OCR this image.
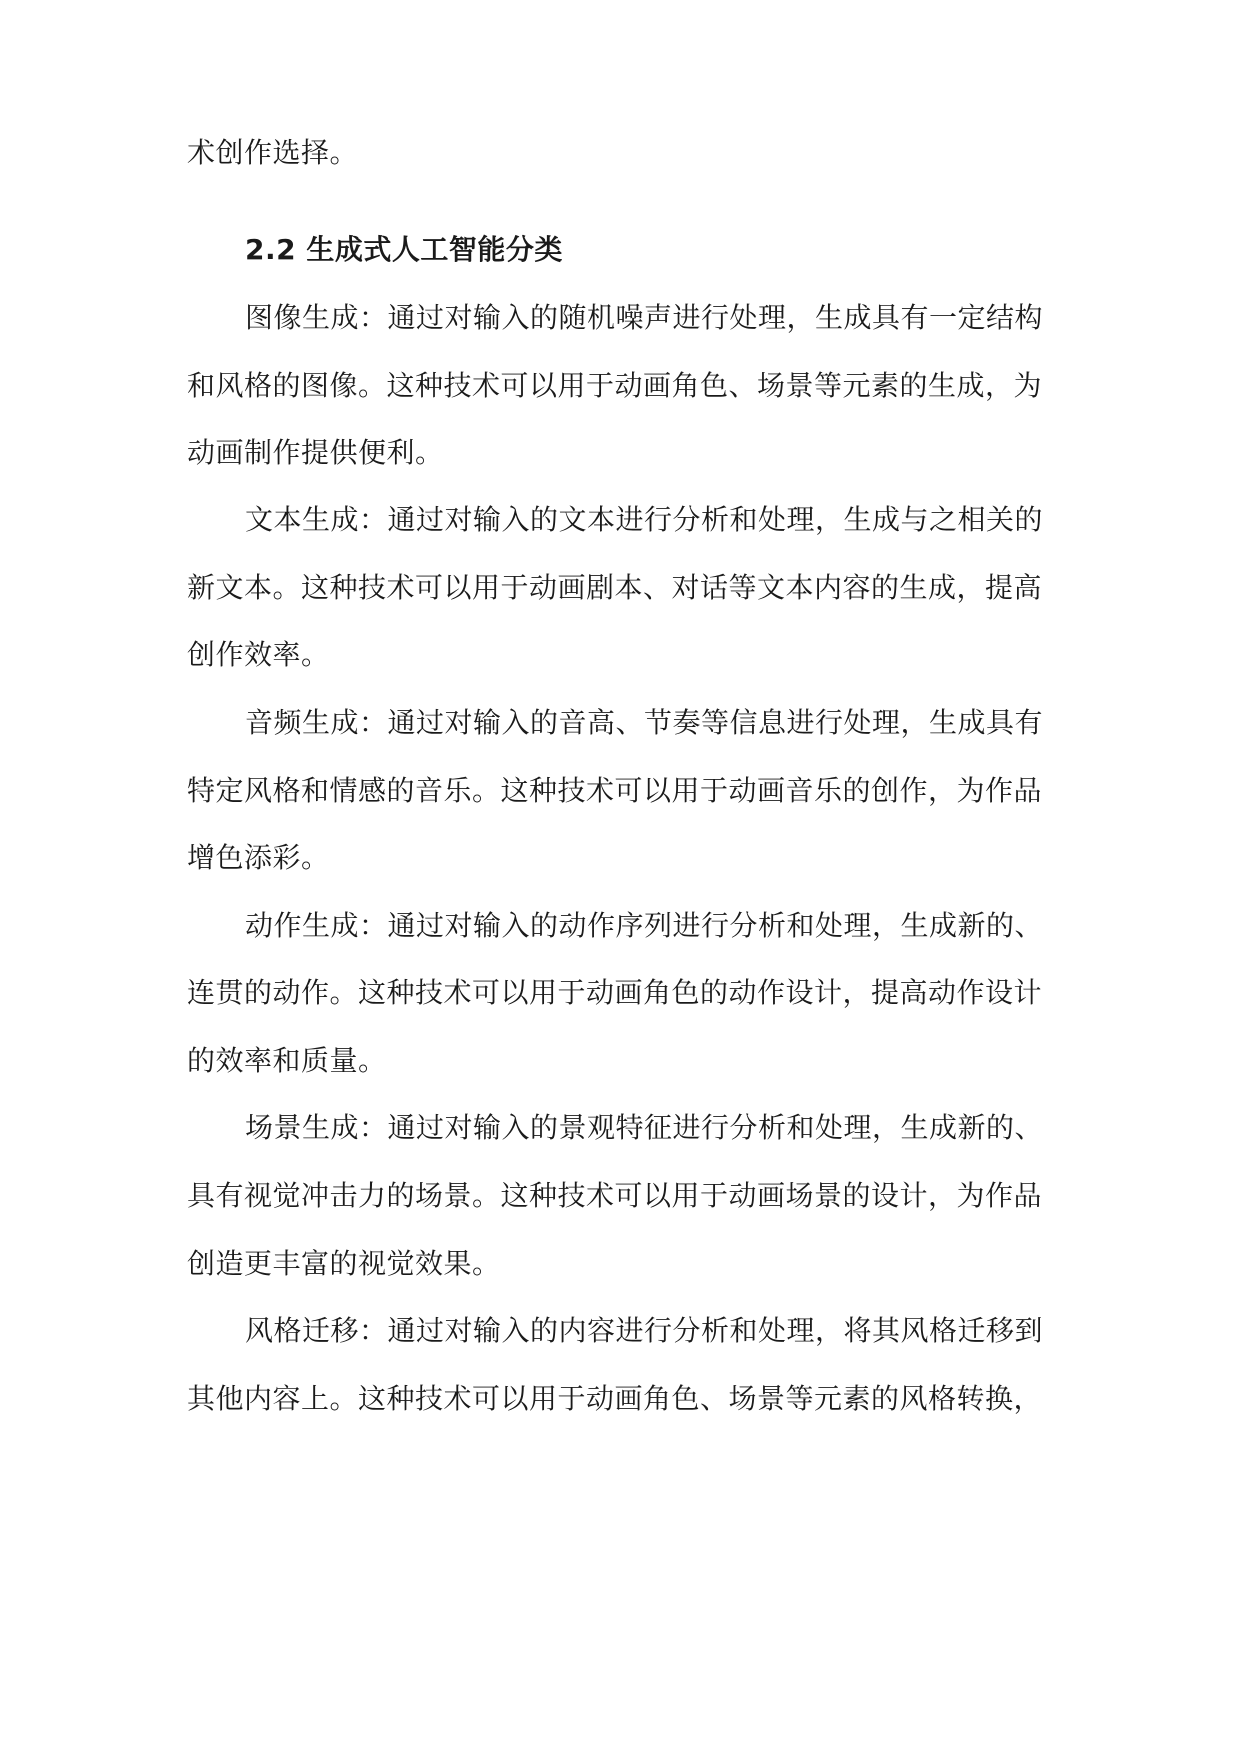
术创作选择。
2.2 生成式人工智能分类
图像生成：通过对输入的随机噪声进行处理，生成具有一定结构
和风格的图像。这种技术可以用于动画角色、场景等元素的生成，为
动画制作提供便利。
文本生成：通过对输入的文本进行分析和处理，生成与之相关的
新文本。这种技术可以用于动画剧本、对话等文本内容的生成，提高
创作效率。
音频生成：通过对输入的音高、节奏等信息进行处理，生成具有
特定风格和情感的音乐。这种技术可以用于动画音乐的创作，为作品
增色添彩。
动作生成：通过对输入的动作序列进行分析和处理，生成新的、
连贯的动作。这种技术可以用于动画角色的动作设计，提高动作设计
的效率和质量。
场景生成：通过对输入的景观特征进行分析和处理，生成新的、
具有视觉冲击力的场景。这种技术可以用于动画场景的设计，为作品
创造更丰富的视觉效果。
风格迁移：通过对输入的内容进行分析和处理，将其风格迁移到
其他内容上。这种技术可以用于动画角色、场景等元素的风格转换，
